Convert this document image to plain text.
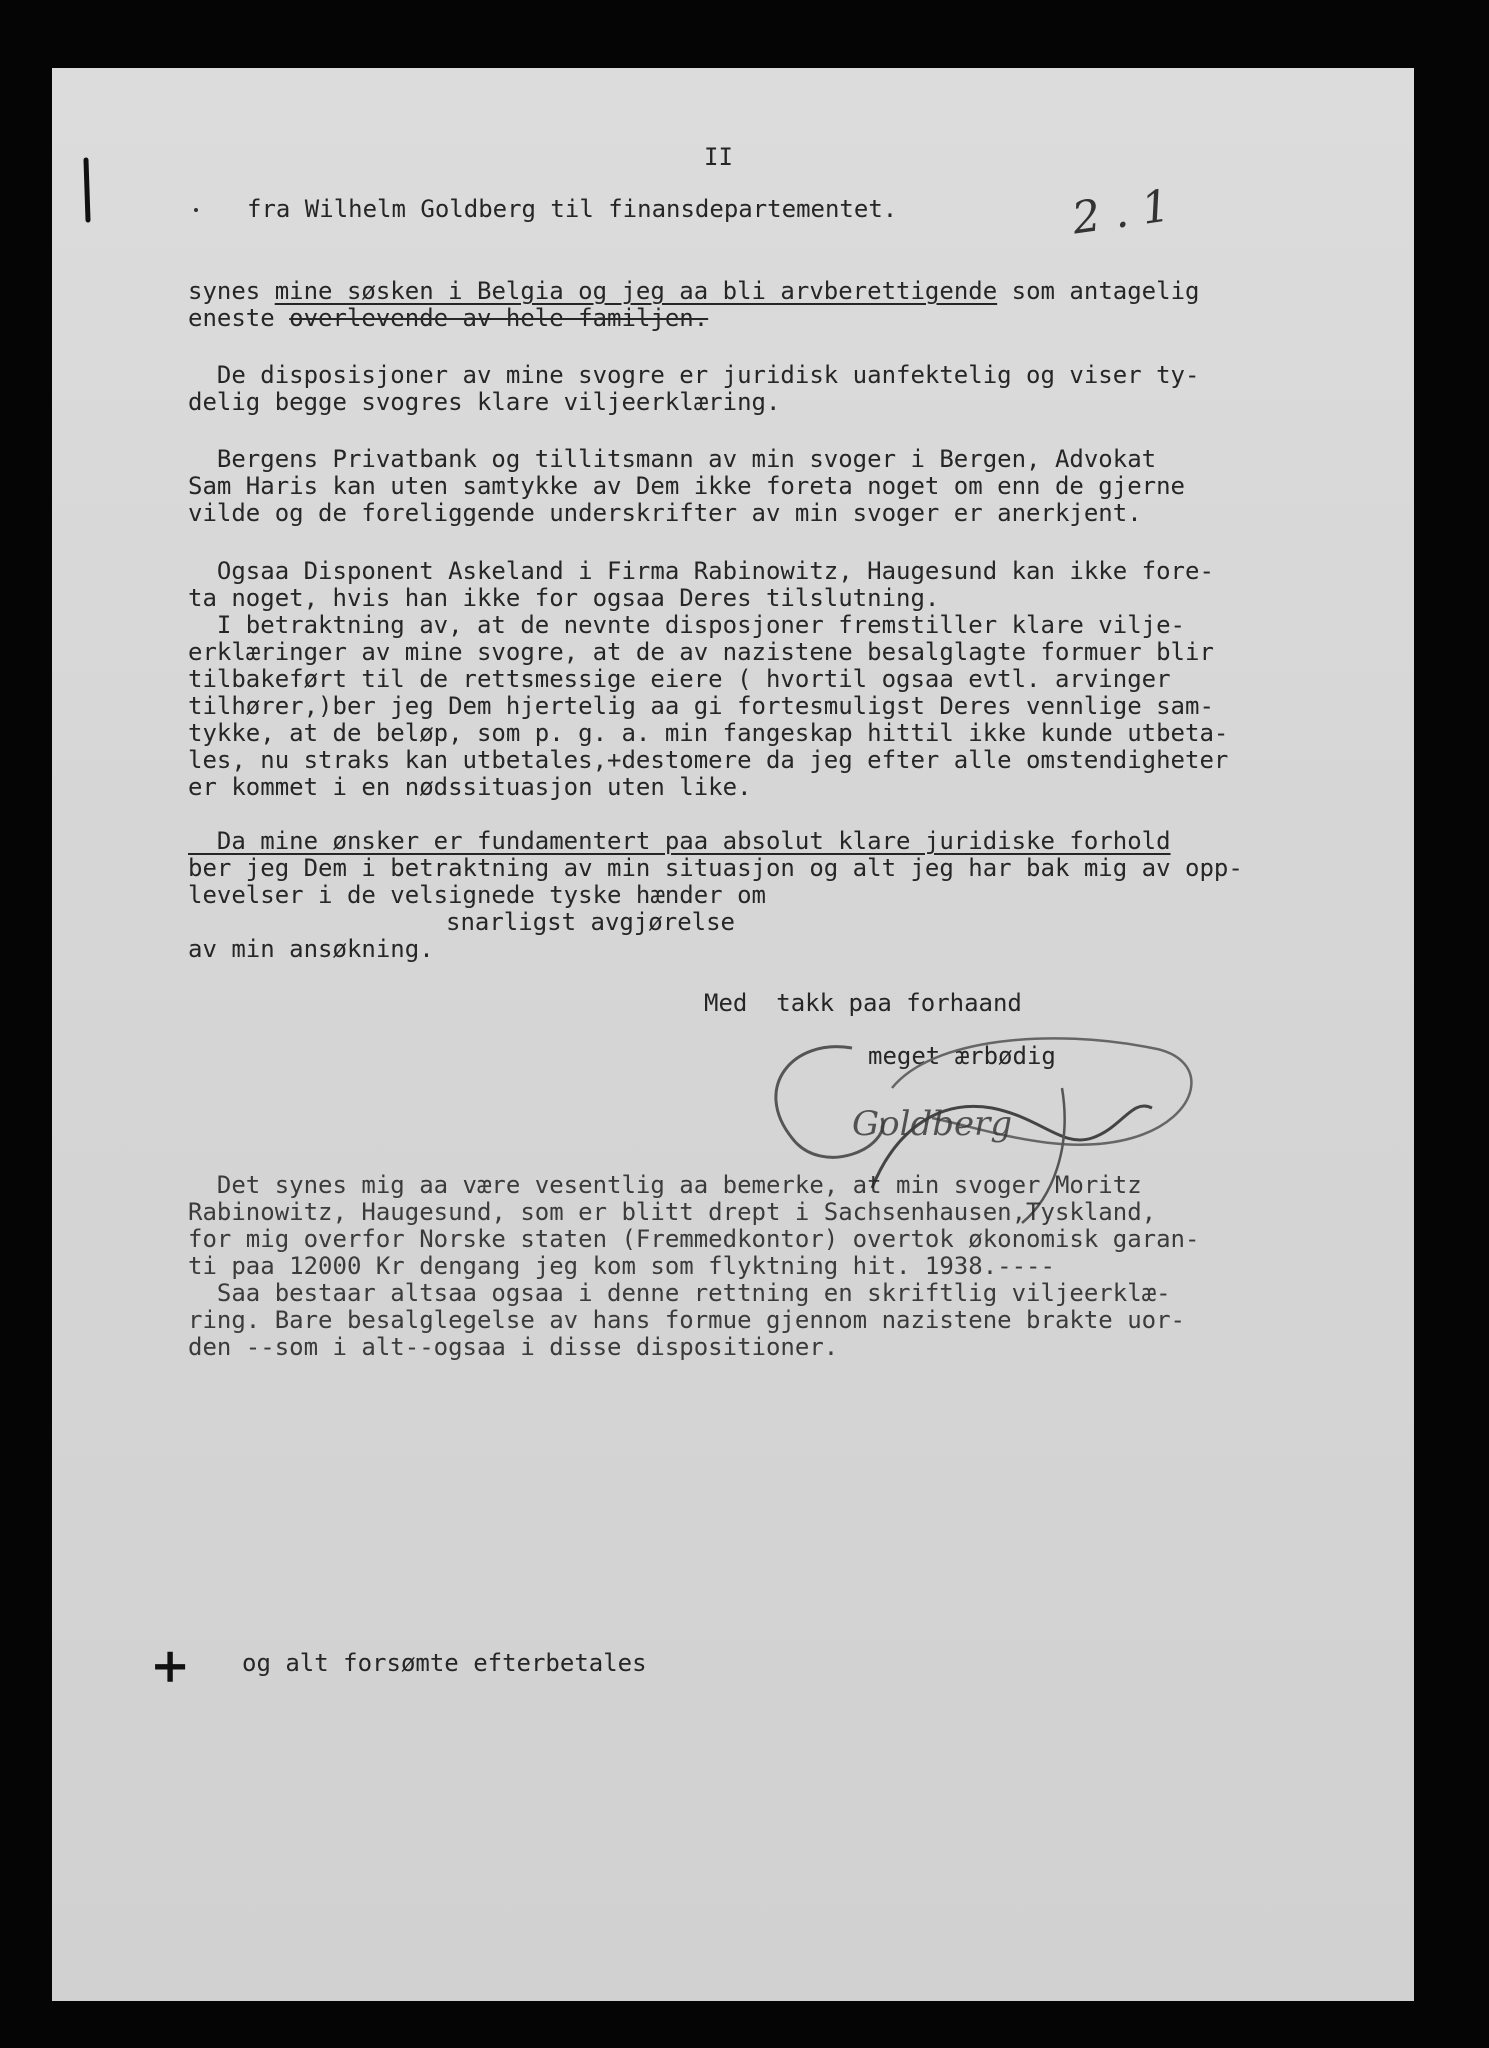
II
fra Wilhelm Goldberg til finansdepartementet.	2.1
synes mine søsken i Belgia og jeg aa bli arvberettigende som antagelig
eneste overlevende av hele familjen.
De disposisjoner av mine svogre er juridisk uanfektelig og viser ty-
delig begge svogres klare viljeerklæring.
Bergens Privatbank og tillitsmann av min svoger i Bergen, Advokat
Sam Haris kan uten samtykke av Dem ikke foreta noget om enn de gjerne
vilde og de foreliggende underskrifter av min svoger er anerkjent.
Ogsaa Disponent Askeland i Firma Rabinowitz, Haugesund kan ikke fore-
ta noget, hvis han ikke for ogsaa Deres tilslutning.
I betraktning av, at de nevnte disposjoner fremstiller klare vilje-
erklæringer av mine svogre, at de av nazistene besalglagte formuer blir
tilbakeført til de rettsmessige eiere ( hvortil ogsaa evtl. arvinger
tilhører,)ber jeg Dem hjertelig aa gi fortesmuligst Deres vennlige sam-
tykke, at de beløp, som p. g. a. min fangeskap hittil ikke kunde utbeta-
les, nu straks kan utbetales,+destomere da jeg efter alle omstendigheter
er kommet i en nødssituasjon uten like.
Da mine ønsker er fundamentert paa absolut klare juridiske forhold
ber jeg Dem i betraktning av min situasjon og alt jeg har bak mig av opp-
levelser i de velsignede tyske hænder om
snarligst avgjørelse
av min ansøkning.
Med  takk paa forhaand
meget ærbødig
Goldberg
Det synes mig aa være vesentlig aa bemerke, at min svoger Moritz
Rabinowitz, Haugesund, som er blitt drept i Sachsenhausen,Tyskland,
for mig overfor Norske staten (Fremmedkontor) overtok økonomisk garan-
ti paa 12000 Kr dengang jeg kom som flyktning hit. 1938.----
Saa bestaar altsaa ogsaa i denne rettning en skriftlig viljeerklæ-
ring. Bare besalglegelse av hans formue gjennom nazistene brakte uor-
den --som i alt--ogsaa i disse dispositioner.
+ og alt forsømte efterbetales
